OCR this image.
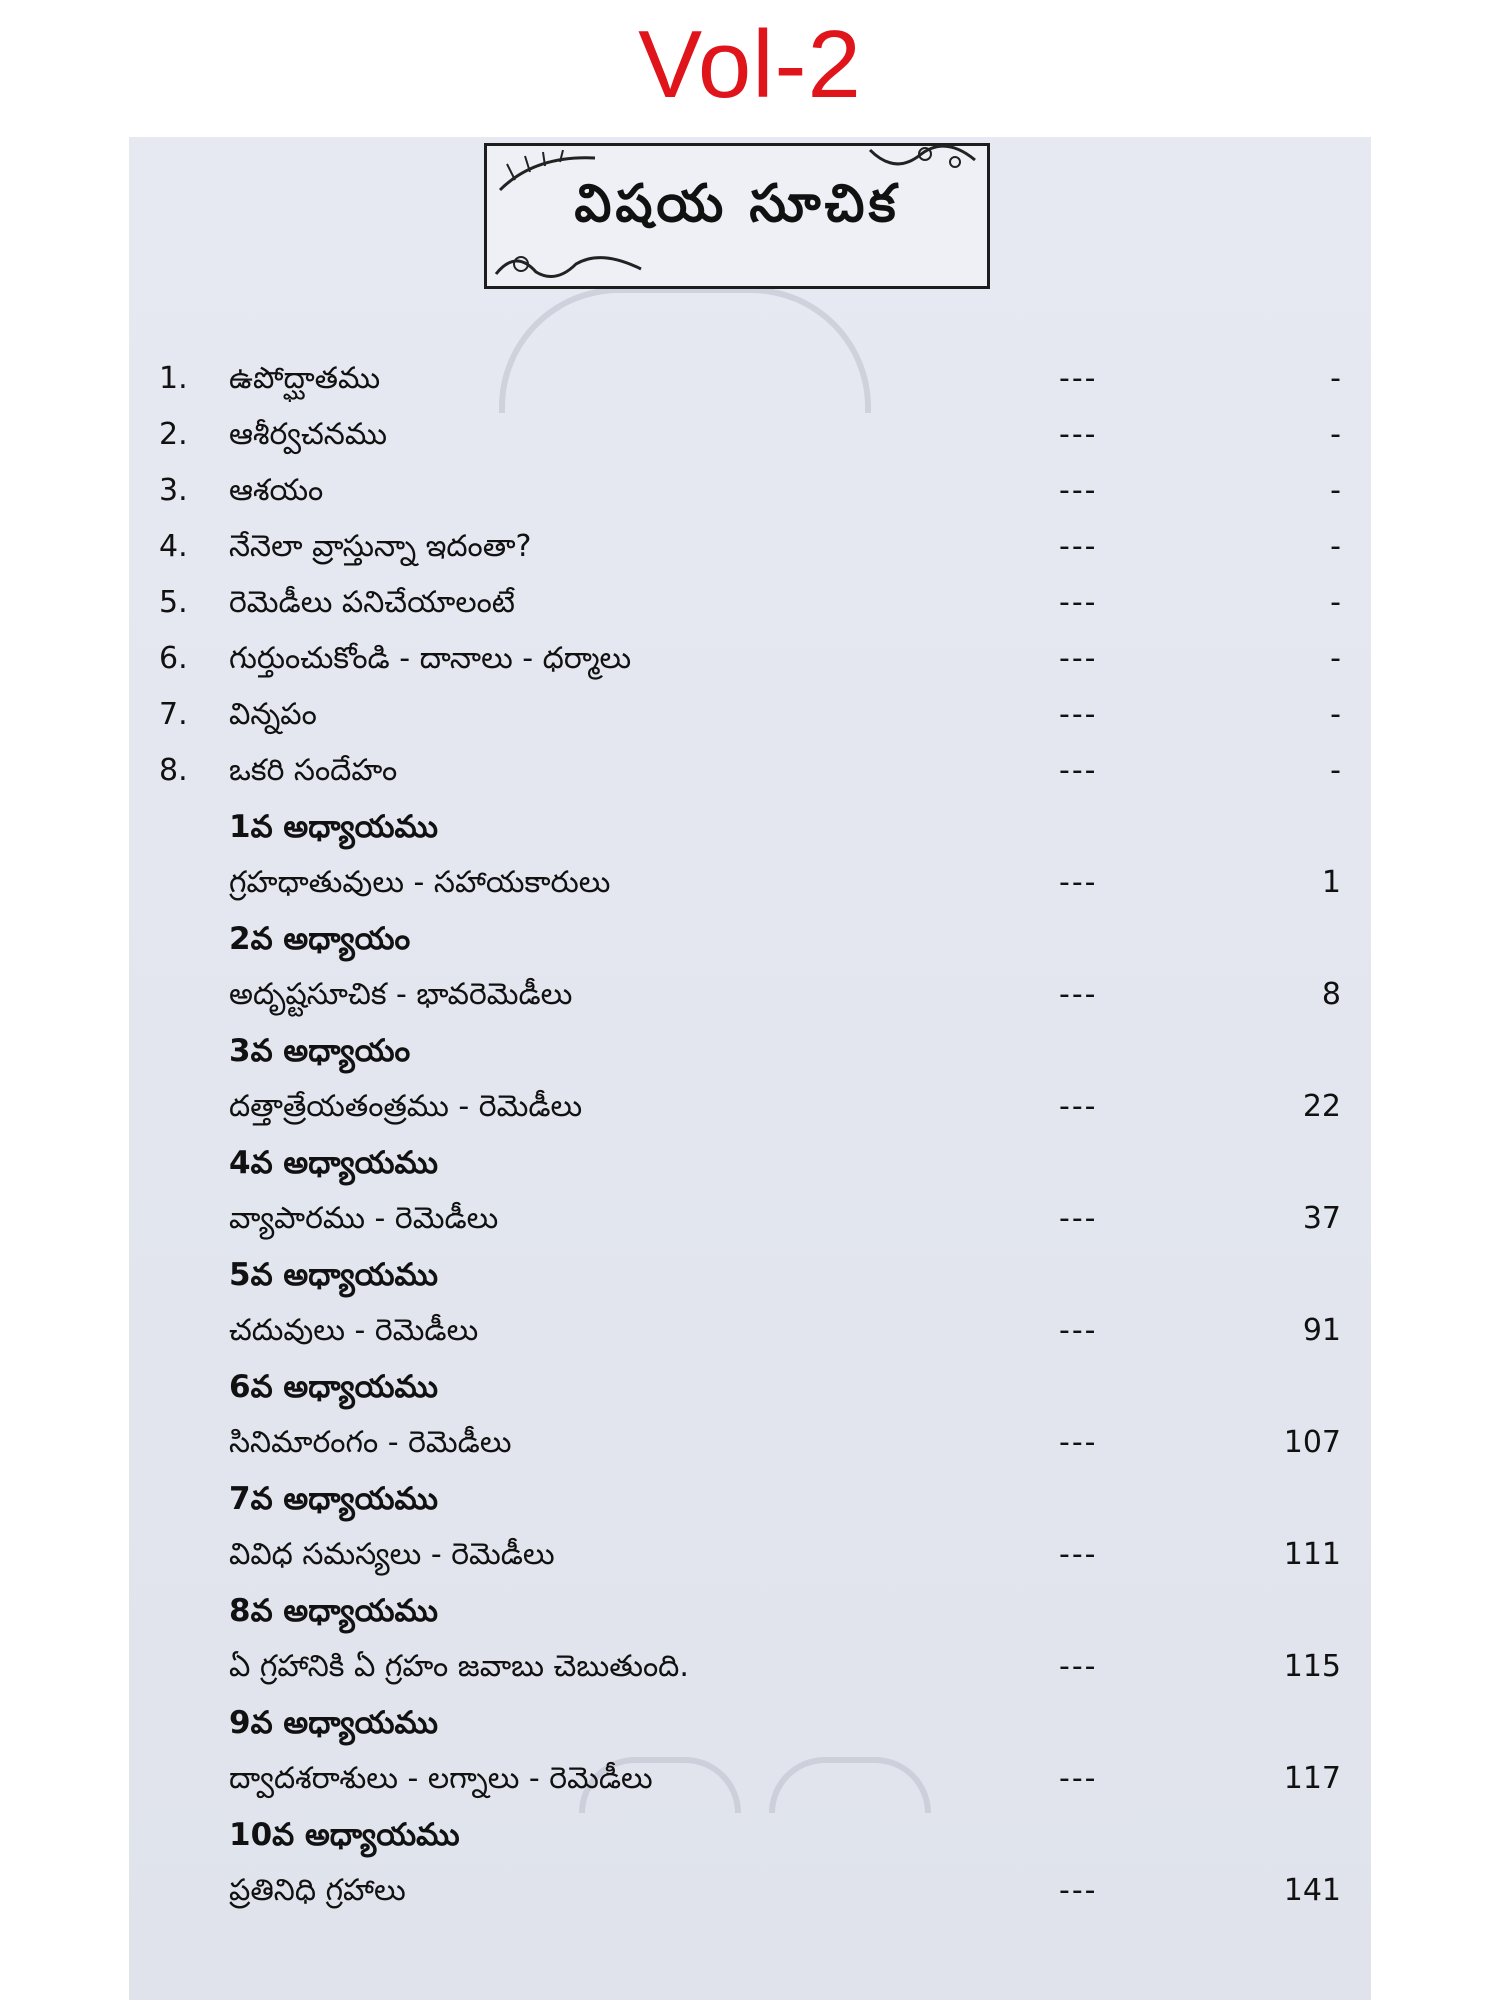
Vol-2
విషయ సూచిక
1.	ఉపోద్ఘాతము	---	-
2.	ఆశీర్వచనము	---	-
3.	ఆశయం	---	-
4.	నేనెలా వ్రాస్తున్నా ఇదంతా?	---	-
5.	రెమెడీలు పనిచేయాలంటే	---	-
6.	గుర్తుంచుకోండి - దానాలు - ధర్మాలు	---	-
7.	విన్నపం	---	-
8.	ఒకరి సందేహం	---	-
1వ అధ్యాయము
గ్రహధాతువులు - సహాయకారులు	---	1
2వ అధ్యాయం
అదృష్టసూచిక - భావరెమెడీలు	---	8
3వ అధ్యాయం
దత్తాత్రేయతంత్రము - రెమెడీలు	---	22
4వ అధ్యాయము
వ్యాపారము - రెమెడీలు	---	37
5వ అధ్యాయము
చదువులు - రెమెడీలు	---	91
6వ అధ్యాయము
సినిమారంగం - రెమెడీలు	---	107
7వ అధ్యాయము
వివిధ సమస్యలు - రెమెడీలు	---	111
8వ అధ్యాయము
ఏ గ్రహానికి ఏ గ్రహం జవాబు చెబుతుంది.	---	115
9వ అధ్యాయము
ద్వాదశరాశులు - లగ్నాలు - రెమెడీలు	---	117
10వ అధ్యాయము
ప్రతినిధి గ్రహాలు	---	141
